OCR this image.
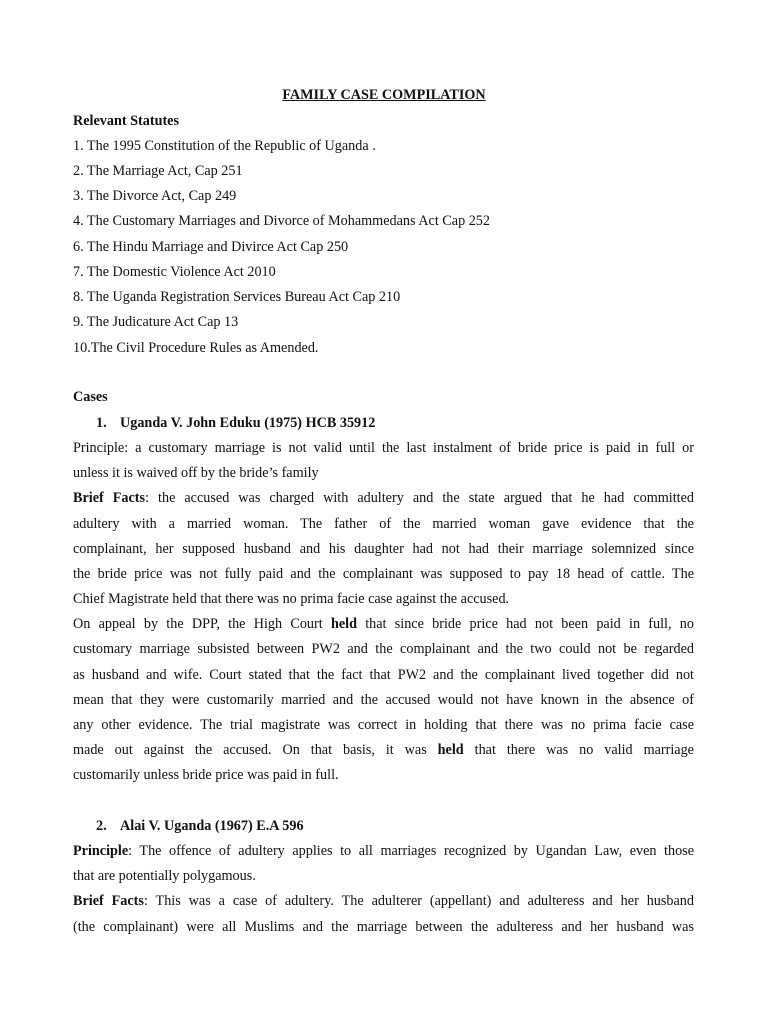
FAMILY CASE COMPILATION
Relevant Statutes
1. The 1995 Constitution of the Republic of Uganda .
2. The Marriage Act, Cap 251
3. The Divorce Act, Cap 249
4. The Customary Marriages and Divorce of Mohammedans Act Cap 252
6. The Hindu Marriage and Divirce Act Cap 250
7. The Domestic Violence Act 2010
8. The Uganda Registration Services Bureau Act Cap 210
9. The Judicature Act Cap 13
10.The Civil Procedure Rules as Amended.
Cases
1. Uganda V. John Eduku (1975) HCB 35912
Principle: a customary marriage is not valid until the last instalment of bride price is paid in full or
unless it is waived off by the bride’s family
Brief Facts: the accused was charged with adultery and the state argued that he had committed
adultery with a married woman. The father of the married woman gave evidence that the
complainant, her supposed husband and his daughter had not had their marriage solemnized since
the bride price was not fully paid and the complainant was supposed to pay 18 head of cattle. The
Chief Magistrate held that there was no prima facie case against the accused.
On appeal by the DPP, the High Court held that since bride price had not been paid in full, no
customary marriage subsisted between PW2 and the complainant and the two could not be regarded
as husband and wife. Court stated that the fact that PW2 and the complainant lived together did not
mean that they were customarily married and the accused would not have known in the absence of
any other evidence. The trial magistrate was correct in holding that there was no prima facie case
made out against the accused. On that basis, it was held that there was no valid marriage
customarily unless bride price was paid in full.
2. Alai V. Uganda (1967) E.A 596
Principle: The offence of adultery applies to all marriages recognized by Ugandan Law, even those
that are potentially polygamous.
Brief Facts: This was a case of adultery. The adulterer (appellant) and adulteress and her husband
(the complainant) were all Muslims and the marriage between the adulteress and her husband was
